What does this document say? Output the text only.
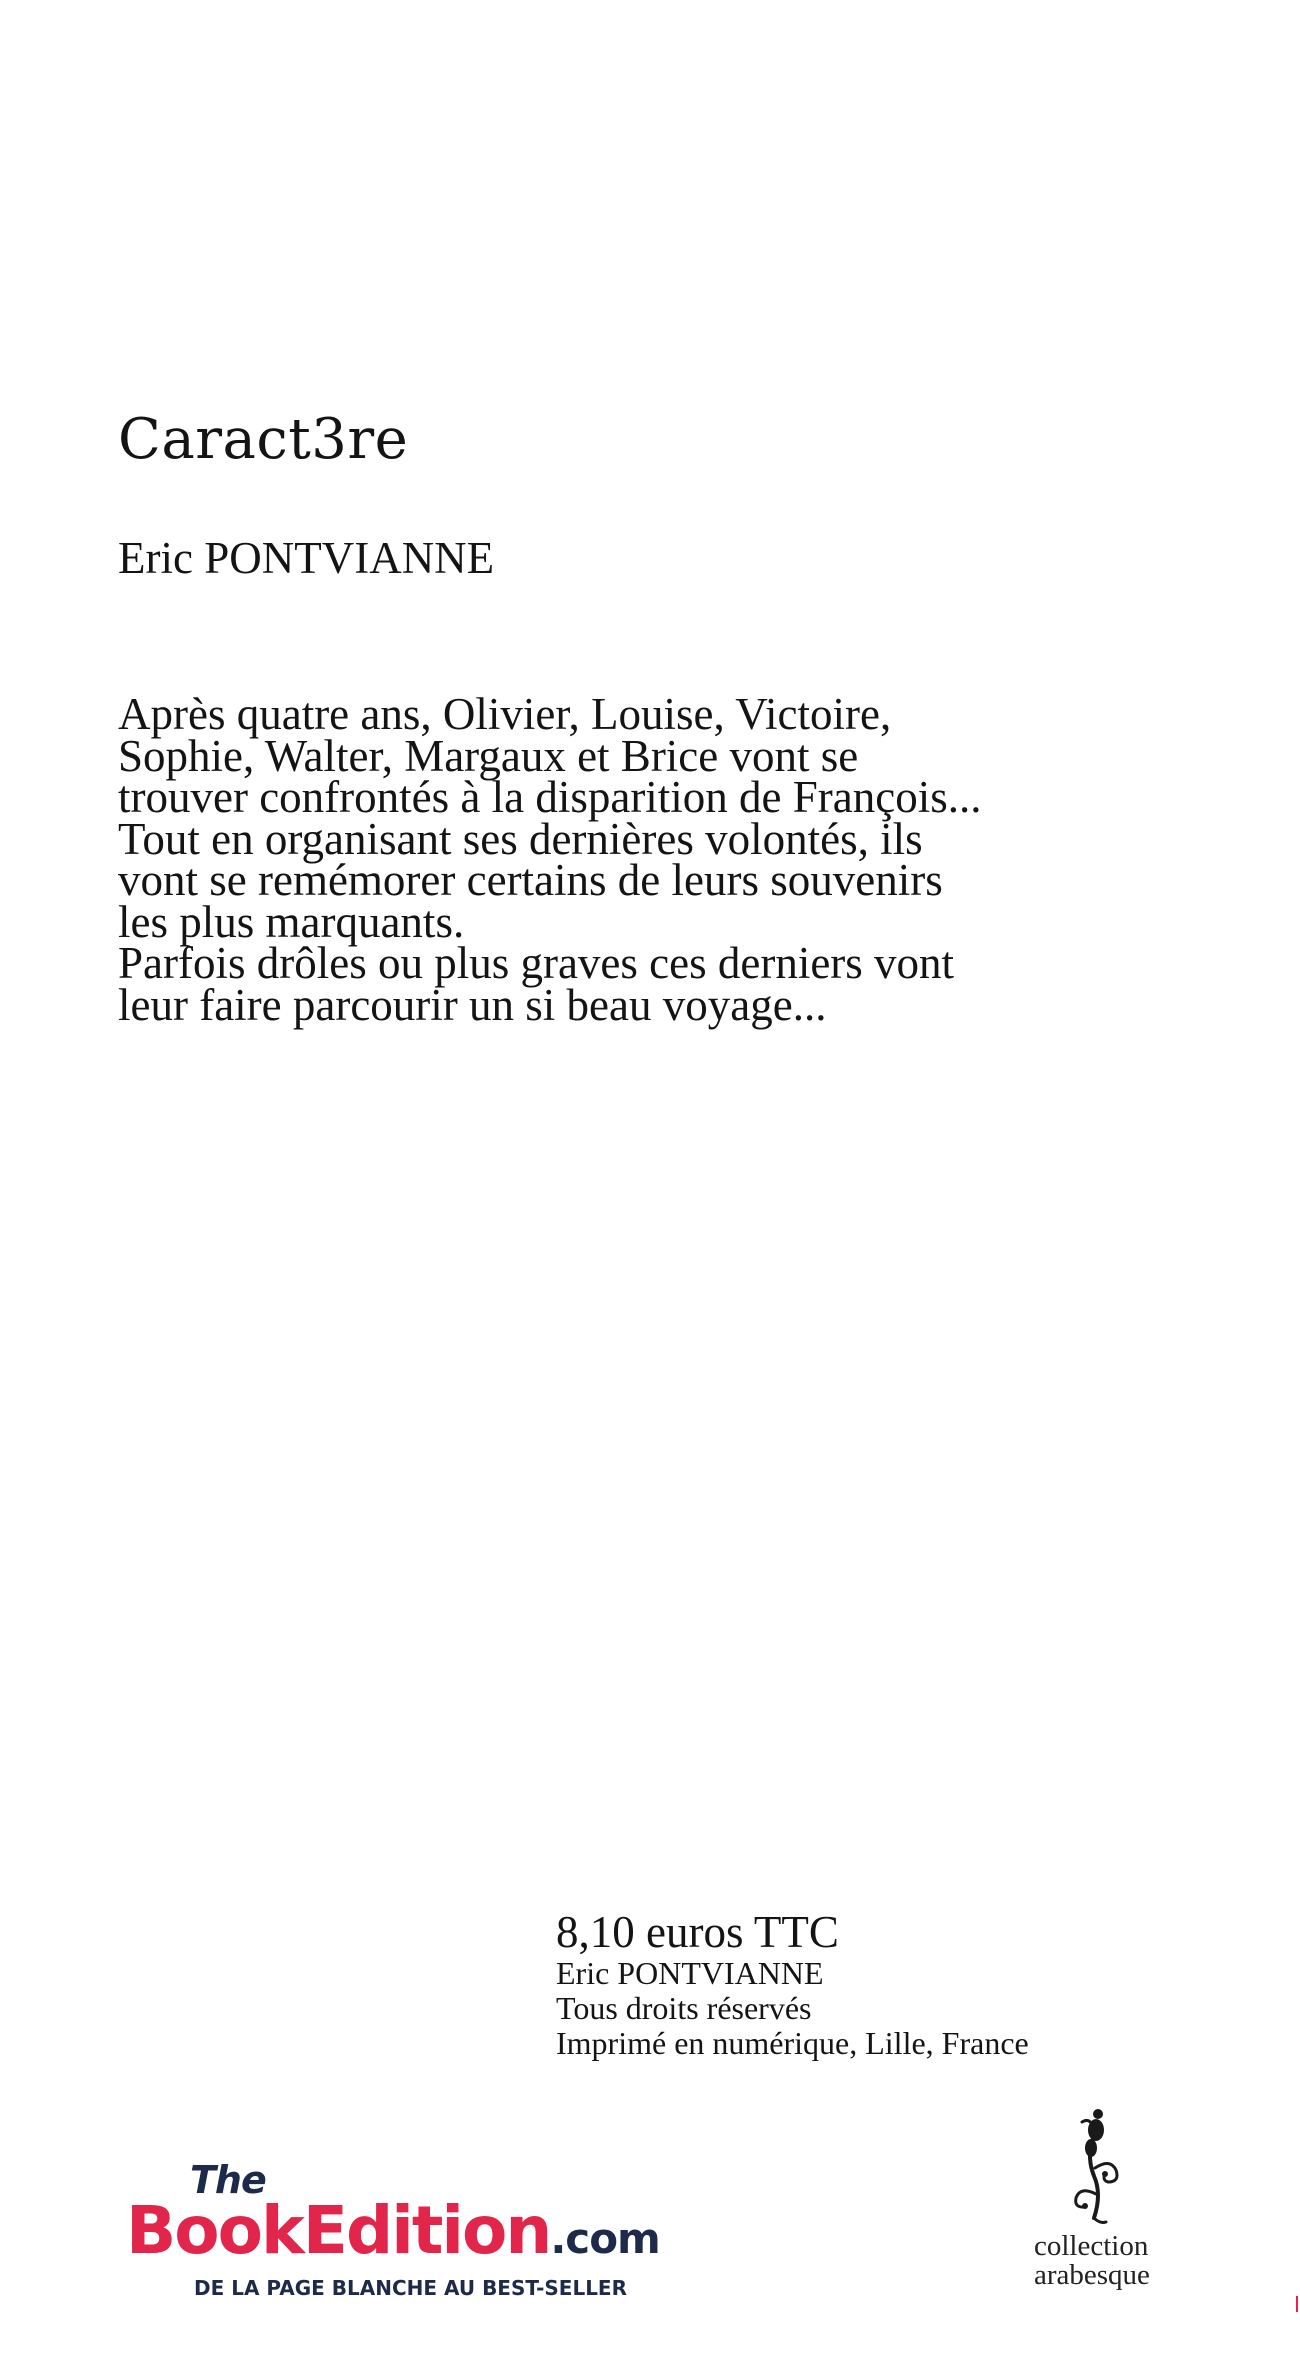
Caract3re
Eric PONTVIANNE

Après quatre ans, Olivier, Louise, Victoire, Sophie, Walter, Margaux et Brice vont se trouver confrontés à la disparition de François...

Tout en organisant ses dernières volontés, ils vont se remémorer certains de leurs souvenirs les plus marquants.

Parfois drôles ou plus graves ces derniers vont leur faire parcourir un si beau voyage...

8,10 euros TTC
Eric PONTVIANNE
Tous droits réservés
Imprimé en numérique, Lille, France
The
BookEdition.com
DE LA PAGE BLANCHE AU BEST-SELLER
collection
arabesque
